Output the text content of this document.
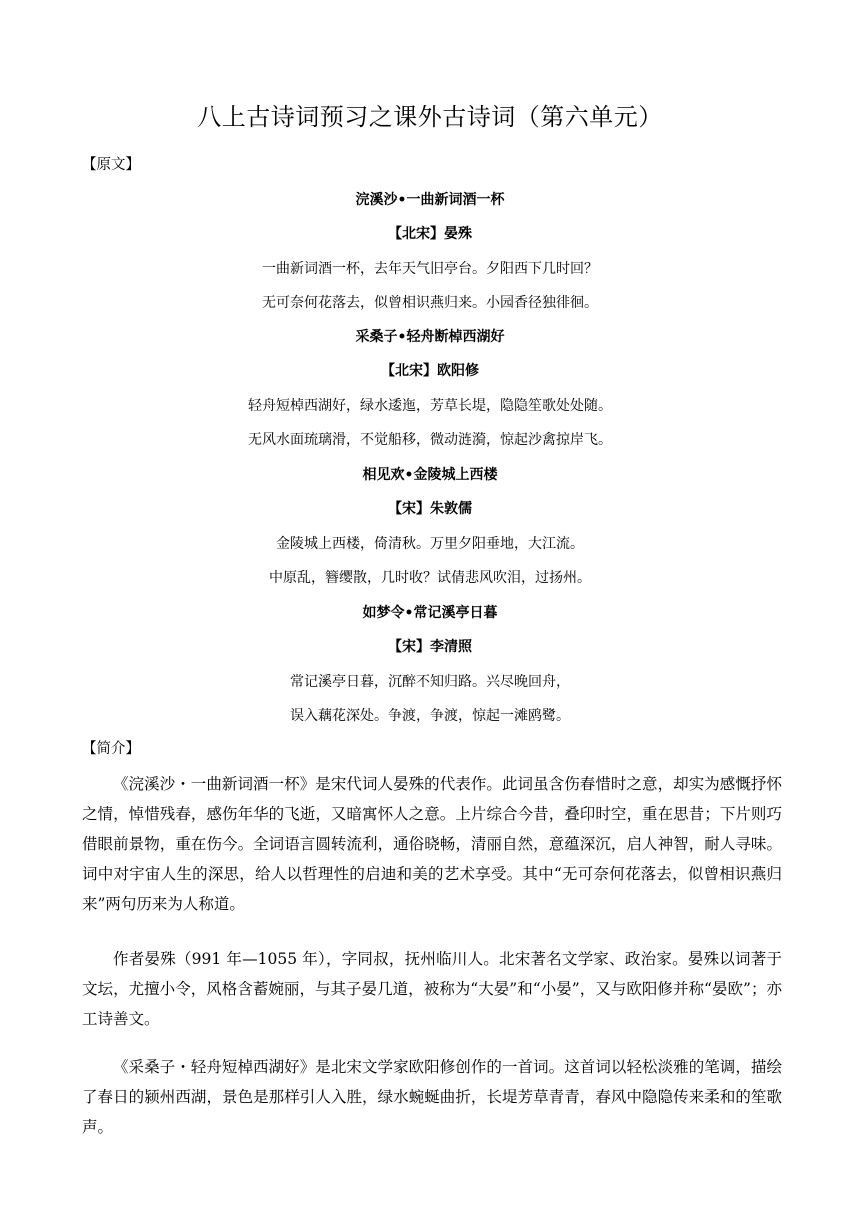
八上古诗词预习之课外古诗词（第六单元）
【原文】
浣溪沙•一曲新词酒一杯
【北宋】晏殊
一曲新词酒一杯，去年天气旧亭台。夕阳西下几时回？
无可奈何花落去，似曾相识燕归来。小园香径独徘徊。
采桑子•轻舟断棹西湖好
【北宋】欧阳修
轻舟短棹西湖好，绿水逶迤，芳草长堤，隐隐笙歌处处随。
无风水面琉璃滑，不觉船移，微动涟漪，惊起沙禽掠岸飞。
相见欢•金陵城上西楼
【宋】朱敦儒
金陵城上西楼，倚清秋。万里夕阳垂地，大江流。
中原乱，簪缨散，几时收？试倩悲风吹泪，过扬州。
如梦令•常记溪亭日暮
【宋】李清照
常记溪亭日暮，沉醉不知归路。兴尽晚回舟，
误入藕花深处。争渡，争渡，惊起一滩鸥鹭。
【简介】

《浣溪沙・一曲新词酒一杯》是宋代词人晏殊的代表作。此词虽含伤春惜时之意，却实为感慨抒怀之情，悼惜残春，感伤年华的飞逝，又暗寓怀人之意。上片综合今昔，叠印时空，重在思昔；下片则巧借眼前景物，重在伤今。全词语言圆转流利，通俗晓畅，清丽自然，意蕴深沉，启人神智，耐人寻味。词中对宇宙人生的深思，给人以哲理性的启迪和美的艺术享受。其中“无可奈何花落去，似曾相识燕归来”两句历来为人称道。

作者晏殊（991 年—1055 年），字同叔，抚州临川人。北宋著名文学家、政治家。晏殊以词著于文坛，尤擅小令，风格含蓄婉丽，与其子晏几道，被称为“大晏”和“小晏”，又与欧阳修并称“晏欧”；亦工诗善文。

《采桑子・轻舟短棹西湖好》是北宋文学家欧阳修创作的一首词。这首词以轻松淡雅的笔调，描绘了春日的颍州西湖，景色是那样引人入胜，绿水蜿蜒曲折，长堤芳草青青，春风中隐隐传来柔和的笙歌声。
